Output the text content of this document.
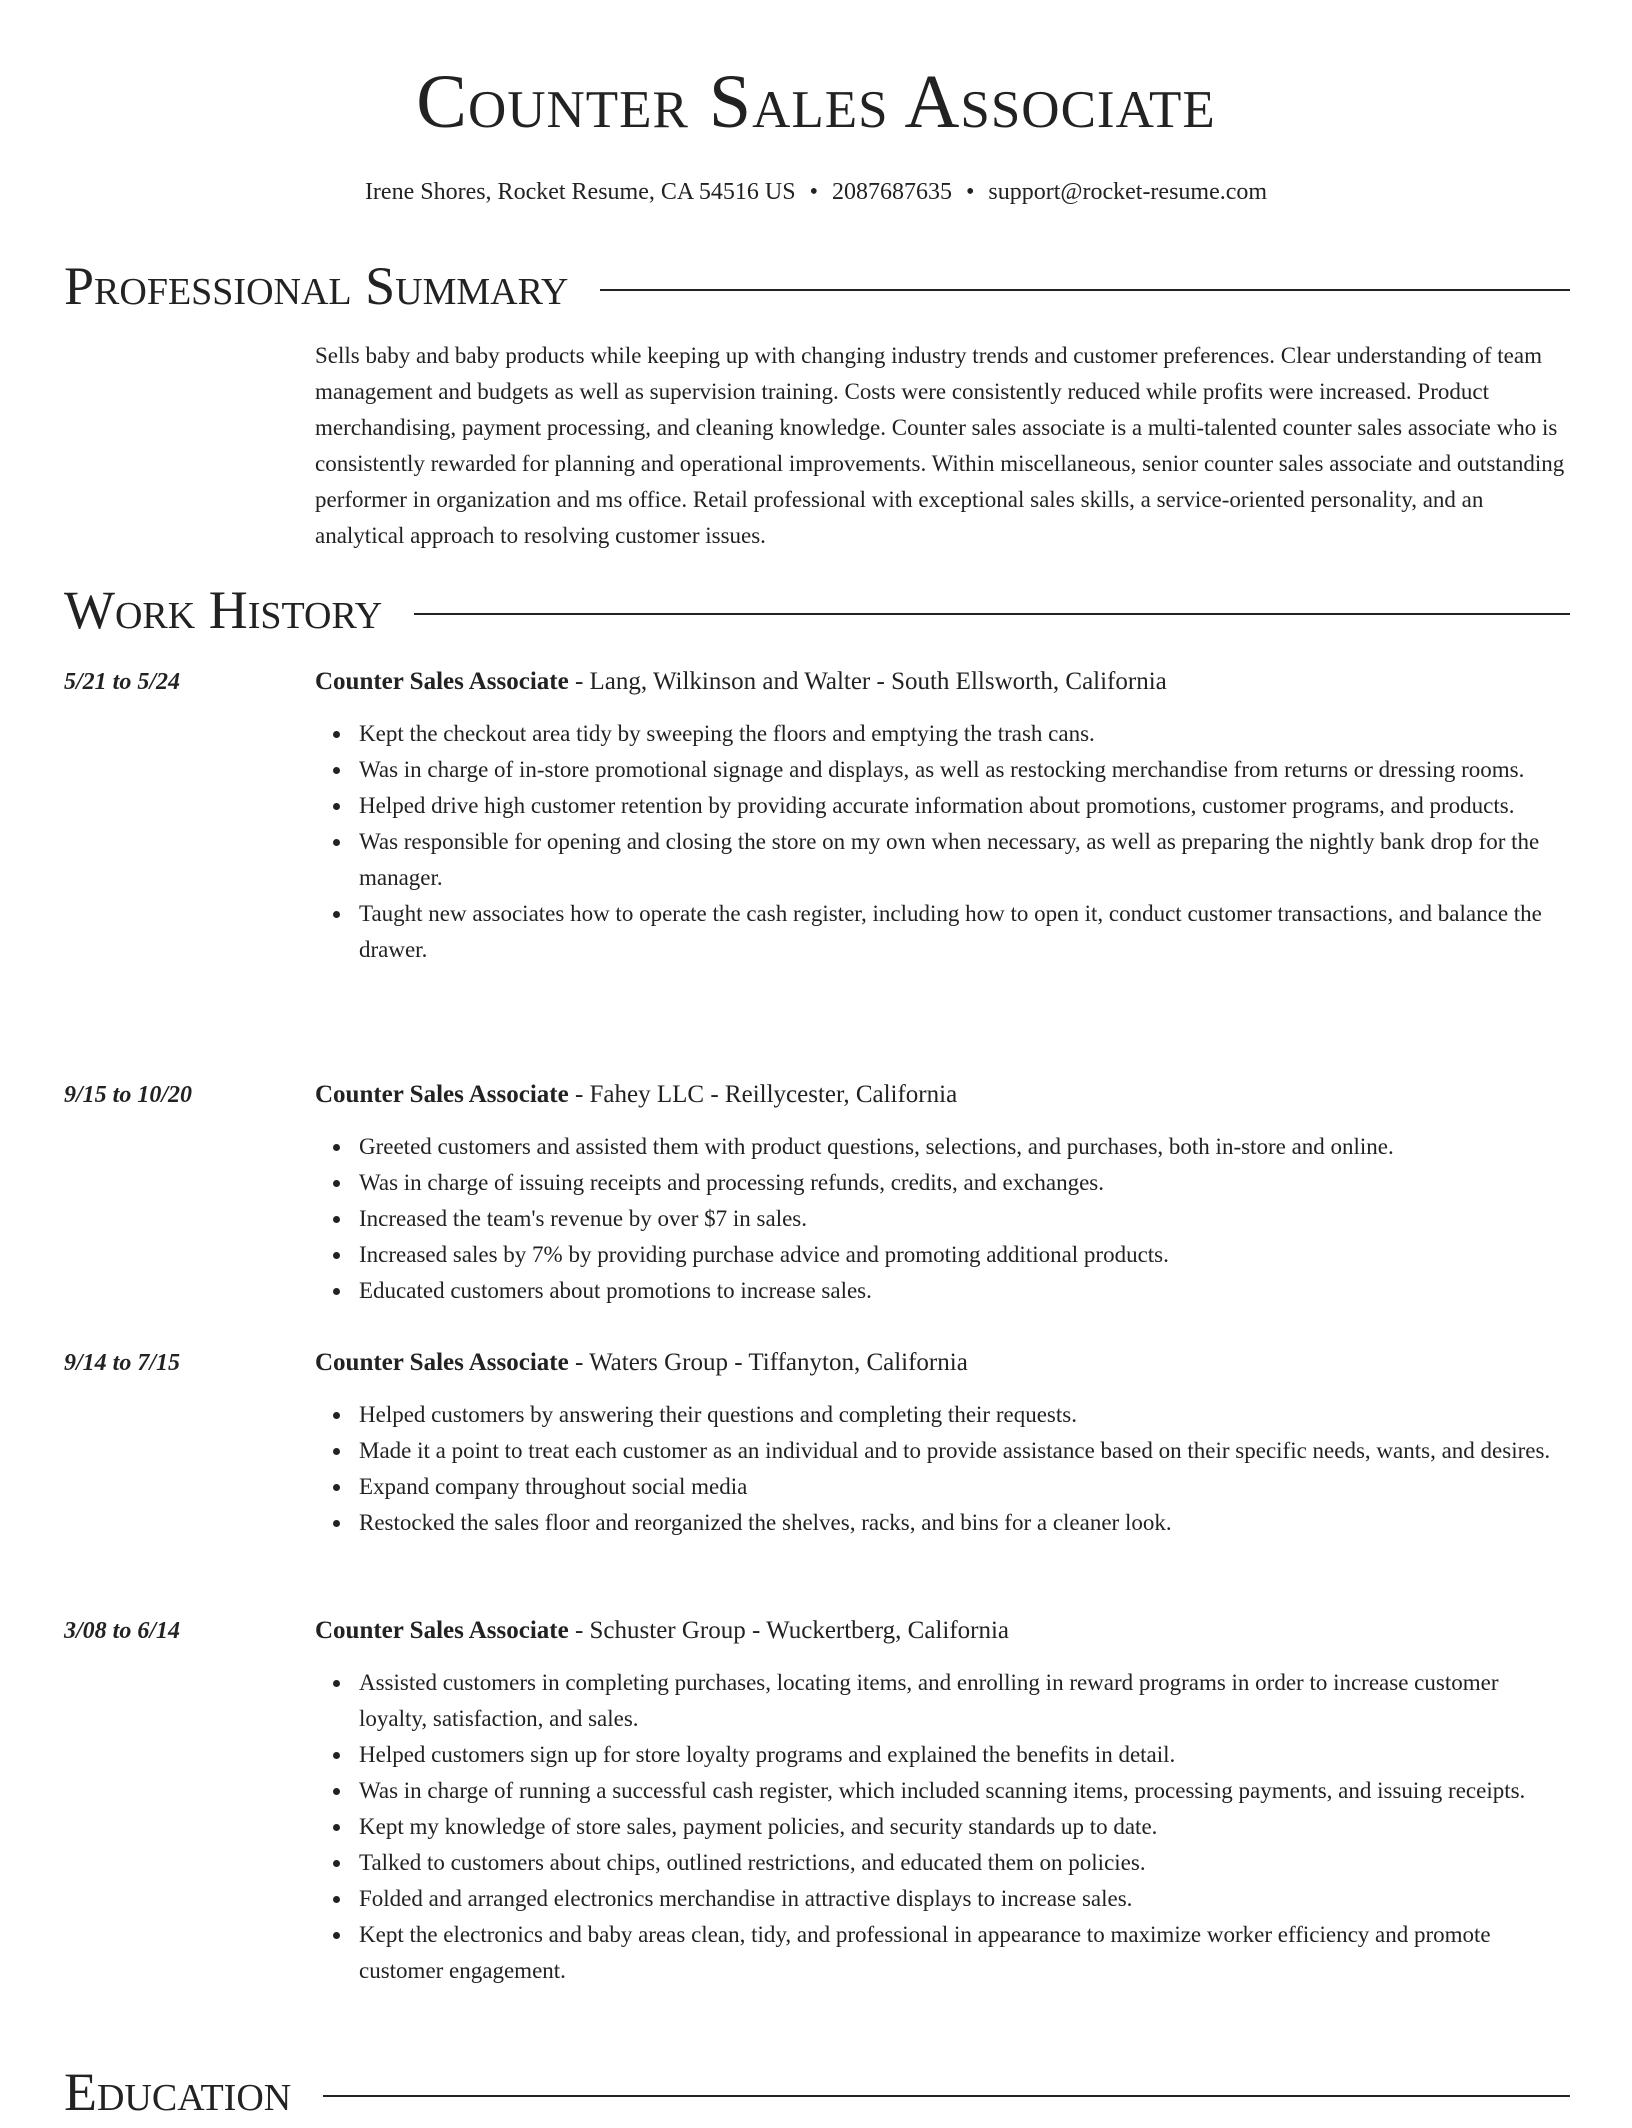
Counter Sales Associate
Irene Shores, Rocket Resume, CA 54516 US • 2087687635 • support@rocket-resume.com
Professional Summary

Sells baby and baby products while keeping up with changing industry trends and customer preferences. Clear understanding of team management and budgets as well as supervision training. Costs were consistently reduced while profits were increased. Product merchandising, payment processing, and cleaning knowledge. Counter sales associate is a multi-talented counter sales associate who is consistently rewarded for planning and operational improvements. Within miscellaneous, senior counter sales associate and outstanding performer in organization and ms office. Retail professional with exceptional sales skills, a service-oriented personality, and an analytical approach to resolving customer issues.

Work History
5/21 to 5/24	Counter Sales Associate - Lang, Wilkinson and Walter - South Ellsworth, California
Kept the checkout area tidy by sweeping the floors and emptying the trash cans.
Was in charge of in-store promotional signage and displays, as well as restocking merchandise from returns or dressing rooms.
Helped drive high customer retention by providing accurate information about promotions, customer programs, and products.
Was responsible for opening and closing the store on my own when necessary, as well as preparing the nightly bank drop for the manager.
Taught new associates how to operate the cash register, including how to open it, conduct customer transactions, and balance the drawer.
9/15 to 10/20	Counter Sales Associate - Fahey LLC - Reillycester, California
Greeted customers and assisted them with product questions, selections, and purchases, both in-store and online.
Was in charge of issuing receipts and processing refunds, credits, and exchanges.
Increased the team's revenue by over $7 in sales.
Increased sales by 7% by providing purchase advice and promoting additional products.
Educated customers about promotions to increase sales.
9/14 to 7/15	Counter Sales Associate - Waters Group - Tiffanyton, California
Helped customers by answering their questions and completing their requests.
Made it a point to treat each customer as an individual and to provide assistance based on their specific needs, wants, and desires.
Expand company throughout social media
Restocked the sales floor and reorganized the shelves, racks, and bins for a cleaner look.
3/08 to 6/14	Counter Sales Associate - Schuster Group - Wuckertberg, California
Assisted customers in completing purchases, locating items, and enrolling in reward programs in order to increase customer loyalty, satisfaction, and sales.
Helped customers sign up for store loyalty programs and explained the benefits in detail.
Was in charge of running a successful cash register, which included scanning items, processing payments, and issuing receipts.
Kept my knowledge of store sales, payment policies, and security standards up to date.
Talked to customers about chips, outlined restrictions, and educated them on policies.
Folded and arranged electronics merchandise in attractive displays to increase sales.
Kept the electronics and baby areas clean, tidy, and professional in appearance to maximize worker efficiency and promote customer engagement.
Education
